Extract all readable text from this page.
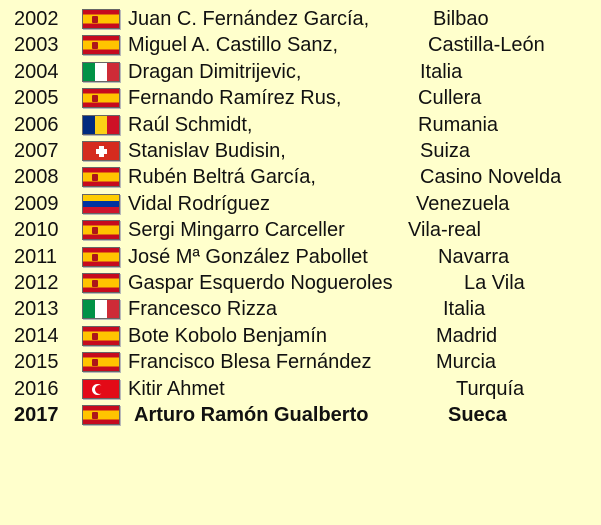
2002	Juan C. Fernández García,	Bilbao
2003	Miguel A. Castillo Sanz,	Castilla-León
2004	Dragan Dimitrijevic,	Italia
2005	Fernando Ramírez Rus,	Cullera
2006	Raúl Schmidt,	Rumania
2007	Stanislav Budisin,	Suiza
2008	Rubén Beltrá García,	Casino Novelda
2009	Vidal Rodríguez	Venezuela
2010	Sergi Mingarro Carceller	Vila-real
2011	José Mª González Pabollet	Navarra
2012	Gaspar Esquerdo Nogueroles	La Vila
2013	Francesco Rizza	Italia
2014	Bote Kobolo Benjamín	Madrid
2015	Francisco Blesa Fernández	Murcia
2016	Kitir Ahmet	Turquía
2017	Arturo Ramón Gualberto	Sueca
